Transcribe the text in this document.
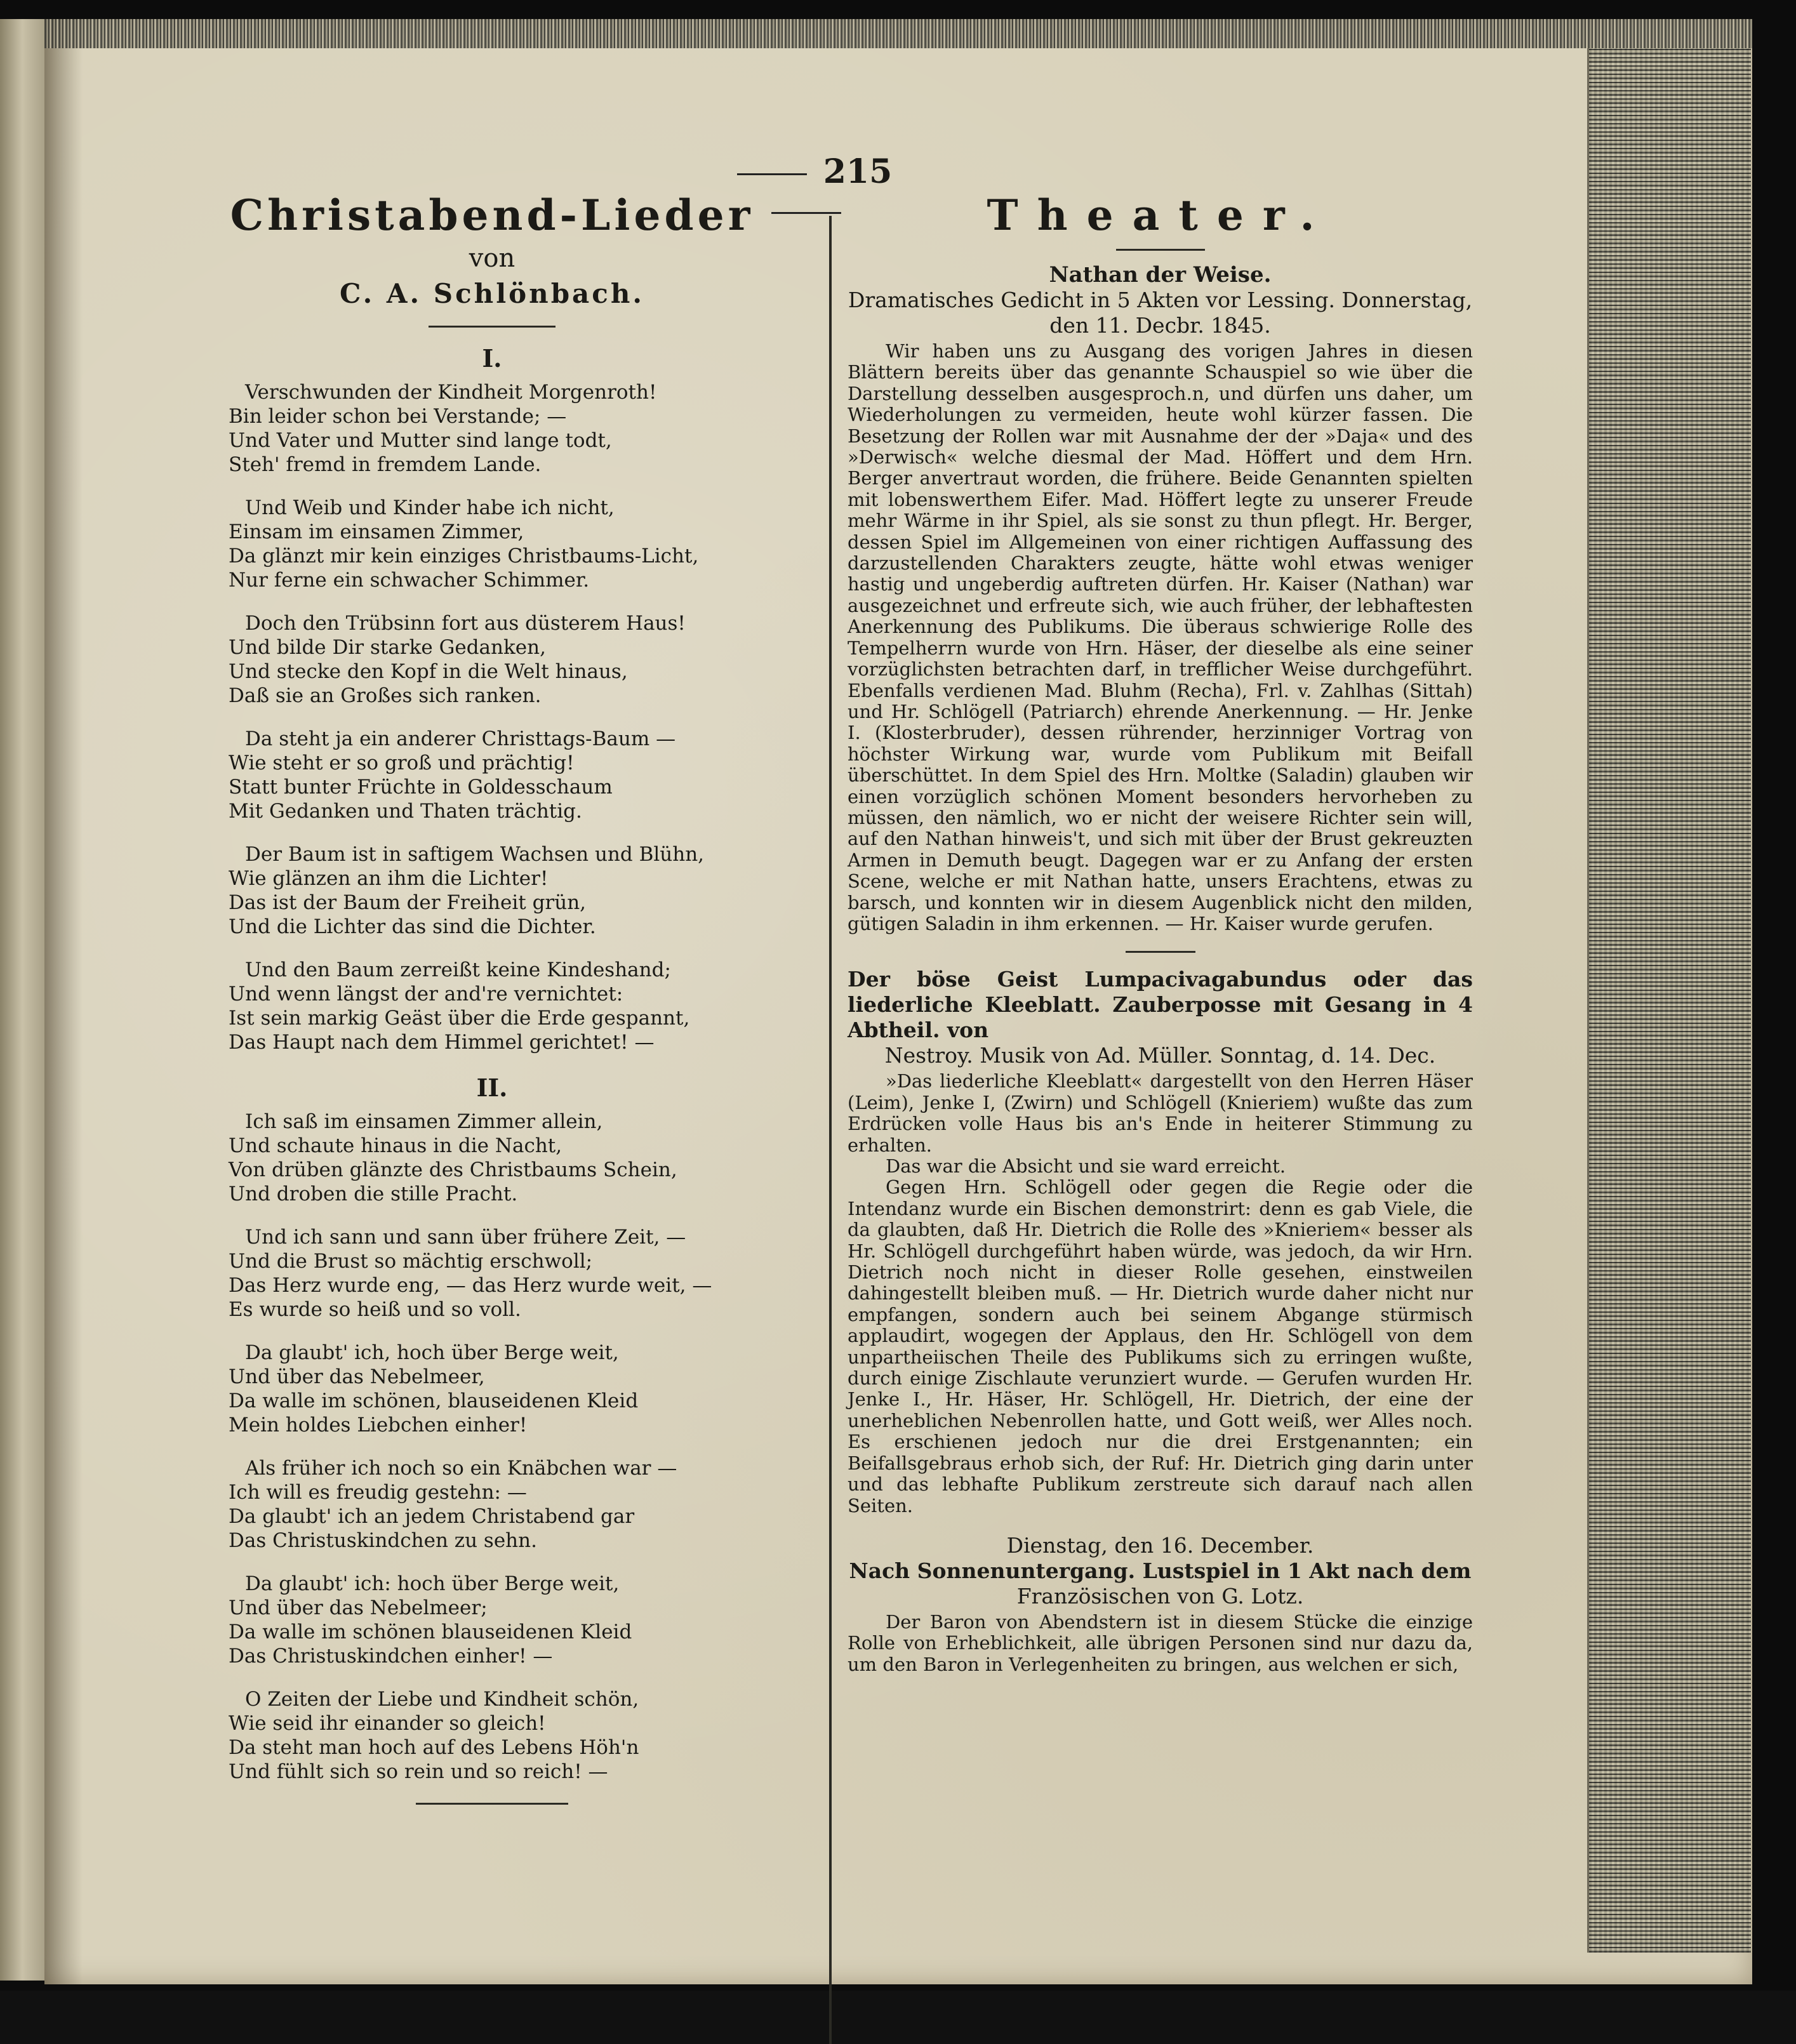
215
Christabend-Lieder
von
C. A. Schlönbach.
I.
Verschwunden der Kindheit Morgenroth!
Bin leider schon bei Verstande; —
Und Vater und Mutter sind lange todt,
Steh' fremd in fremdem Lande.
Und Weib und Kinder habe ich nicht,
Einsam im einsamen Zimmer,
Da glänzt mir kein einziges Christbaums-Licht,
Nur ferne ein schwacher Schimmer.
Doch den Trübsinn fort aus düsterem Haus!
Und bilde Dir starke Gedanken,
Und stecke den Kopf in die Welt hinaus,
Daß sie an Großes sich ranken.
Da steht ja ein anderer Christtags-Baum —
Wie steht er so groß und prächtig!
Statt bunter Früchte in Goldesschaum
Mit Gedanken und Thaten trächtig.
Der Baum ist in saftigem Wachsen und Blühn,
Wie glänzen an ihm die Lichter!
Das ist der Baum der Freiheit grün,
Und die Lichter das sind die Dichter.
Und den Baum zerreißt keine Kindeshand;
Und wenn längst der and're vernichtet:
Ist sein markig Geäst über die Erde gespannt,
Das Haupt nach dem Himmel gerichtet! —
II.
Ich saß im einsamen Zimmer allein,
Und schaute hinaus in die Nacht,
Von drüben glänzte des Christbaums Schein,
Und droben die stille Pracht.
Und ich sann und sann über frühere Zeit, —
Und die Brust so mächtig erschwoll;
Das Herz wurde eng, — das Herz wurde weit, —
Es wurde so heiß und so voll.
Da glaubt' ich, hoch über Berge weit,
Und über das Nebelmeer,
Da walle im schönen, blauseidenen Kleid
Mein holdes Liebchen einher!
Als früher ich noch so ein Knäbchen war —
Ich will es freudig gestehn: —
Da glaubt' ich an jedem Christabend gar
Das Christuskindchen zu sehn.
Da glaubt' ich: hoch über Berge weit,
Und über das Nebelmeer;
Da walle im schönen blauseidenen Kleid
Das Christuskindchen einher! —
O Zeiten der Liebe und Kindheit schön,
Wie seid ihr einander so gleich!
Da steht man hoch auf des Lebens Höh'n
Und fühlt sich so rein und so reich! —
Theater.
Nathan der Weise.
Dramatisches Gedicht in 5 Akten vor Lessing. Donnerstag,
den 11. Decbr. 1845.

Wir haben uns zu Ausgang des vorigen Jahres in diesen Blättern bereits über das genannte Schauspiel so wie über die Darstellung desselben ausgesproch.n, und dürfen uns daher, um Wiederholungen zu vermeiden, heute wohl kürzer fassen. Die Besetzung der Rollen war mit Ausnahme der der »Daja« und des »Derwisch« welche diesmal der Mad. Höffert und dem Hrn. Berger anvertraut worden, die frühere. Beide Genannten spielten mit lobenswerthem Eifer. Mad. Höffert legte zu unserer Freude mehr Wärme in ihr Spiel, als sie sonst zu thun pflegt. Hr. Berger, dessen Spiel im Allgemeinen von einer richtigen Auffassung des darzustellenden Charakters zeugte, hätte wohl etwas weniger hastig und ungeberdig auftreten dürfen. Hr. Kaiser (Nathan) war ausgezeichnet und erfreute sich, wie auch früher, der lebhaftesten Anerkennung des Publikums. Die überaus schwierige Rolle des Tempelherrn wurde von Hrn. Häser, der dieselbe als eine seiner vorzüglichsten betrachten darf, in trefflicher Weise durchgeführt. Ebenfalls verdienen Mad. Bluhm (Recha), Frl. v. Zahlhas (Sittah) und Hr. Schlögell (Patriarch) ehrende Anerkennung. — Hr. Jenke I. (Klosterbruder), dessen rührender, herzinniger Vortrag von höchster Wirkung war, wurde vom Publikum mit Beifall überschüttet. In dem Spiel des Hrn. Moltke (Saladin) glauben wir einen vorzüglich schönen Moment besonders hervorheben zu müssen, den nämlich, wo er nicht der weisere Richter sein will, auf den Nathan hinweis't, und sich mit über der Brust gekreuzten Armen in Demuth beugt. Dagegen war er zu Anfang der ersten Scene, welche er mit Nathan hatte, unsers Erachtens, etwas zu barsch, und konnten wir in diesem Augenblick nicht den milden, gütigen Saladin in ihm erkennen. — Hr. Kaiser wurde gerufen.

Der böse Geist Lumpacivagabundus oder das liederliche Kleeblatt. Zauberposse mit Gesang in 4 Abtheil. von
Nestroy. Musik von Ad. Müller. Sonntag, d. 14. Dec.

»Das liederliche Kleeblatt« dargestellt von den Herren Häser (Leim), Jenke I, (Zwirn) und Schlögell (Knieriem) wußte das zum Erdrücken volle Haus bis an's Ende in heiterer Stimmung zu erhalten.

Das war die Absicht und sie ward erreicht.

Gegen Hrn. Schlögell oder gegen die Regie oder die Intendanz wurde ein Bischen demonstrirt: denn es gab Viele, die da glaubten, daß Hr. Dietrich die Rolle des »Knieriem« besser als Hr. Schlögell durchgeführt haben würde, was jedoch, da wir Hrn. Dietrich noch nicht in dieser Rolle gesehen, einstweilen dahingestellt bleiben muß. — Hr. Dietrich wurde daher nicht nur empfangen, sondern auch bei seinem Abgange stürmisch applaudirt, wogegen der Applaus, den Hr. Schlögell von dem unpartheiischen Theile des Publikums sich zu erringen wußte, durch einige Zischlaute verunziert wurde. — Gerufen wurden Hr. Jenke I., Hr. Häser, Hr. Schlögell, Hr. Dietrich, der eine der unerheblichen Nebenrollen hatte, und Gott weiß, wer Alles noch. Es erschienen jedoch nur die drei Erstgenannten; ein Beifallsgebraus erhob sich, der Ruf: Hr. Dietrich ging darin unter und das lebhafte Publikum zerstreute sich darauf nach allen Seiten.

Dienstag, den 16. December.
Nach Sonnenuntergang. Lustspiel in 1 Akt nach dem
Französischen von G. Lotz.

Der Baron von Abendstern ist in diesem Stücke die einzige Rolle von Erheblichkeit, alle übrigen Personen sind nur dazu da, um den Baron in Verlegenheiten zu bringen, aus welchen er sich,
